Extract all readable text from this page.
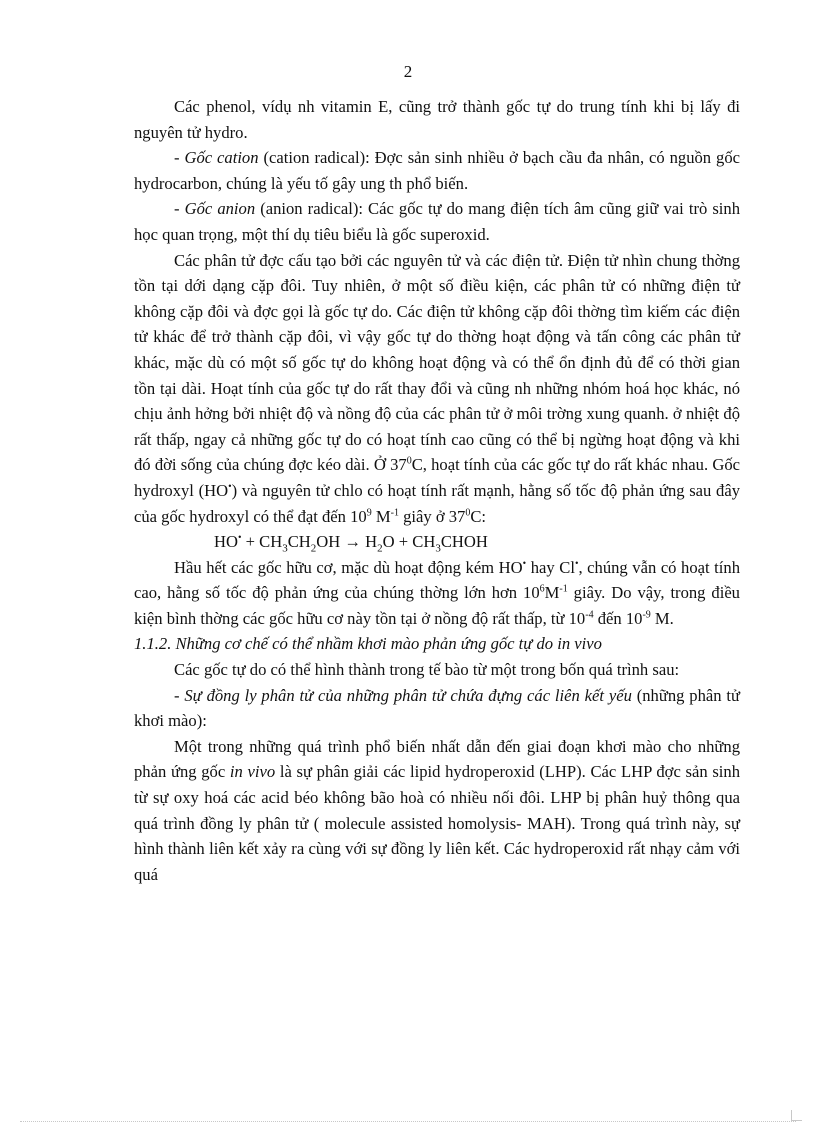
2

Các phenol, vídụ nh vitamin E, cũng trở thành gốc tự do trung tính khi bị lấy đi nguyên tử hydro.

- Gốc cation (cation radical): Đợc sản sinh nhiều ở bạch cầu đa nhân, có nguồn gốc hydrocarbon, chúng là yếu tố gây ung th phổ biến.

- Gốc anion (anion radical): Các gốc tự do mang điện tích âm cũng giữ vai trò sinh học quan trọng, một thí dụ tiêu biểu là gốc superoxid.

Các phân tử đợc cấu tạo bởi các nguyên tử và các điện tử. Điện tử nhìn chung thờng tồn tại dới dạng cặp đôi. Tuy nhiên, ở một số điều kiện, các phân tử có những điện tử không cặp đôi và đợc gọi là gốc tự do. Các điện tử không cặp đôi thờng tìm kiếm các điện tử khác để trở thành cặp đôi, vì vậy gốc tự do thờng hoạt động và tấn công các phân tử khác, mặc dù có một số gốc tự do không hoạt động và có thể ổn định đủ để có thời gian tồn tại dài. Hoạt tính của gốc tự do rất thay đổi và cũng nh những nhóm hoá học khác, nó chịu ảnh hởng bởi nhiệt độ và nồng độ của các phân tử ở môi trờng xung quanh. ở nhiệt độ rất thấp, ngay cả những gốc tự do có hoạt tính cao cũng có thể bị ngừng hoạt động và khi đó đời sống của chúng đợc kéo dài. Ở $37^0C$, hoạt tính của các gốc tự do rất khác nhau. Gốc hydroxyl (HO•) và nguyên tử chlo có hoạt tính rất mạnh, hằng số tốc độ phản ứng sau đây của gốc hydroxyl có thể đạt đến $10^9$ $M^{-1}$ giây ở $37^0C$:

$HO^• + CH_3CH_2OH \to H_2O$ + $CH_3CHOH$

Hầu hết các gốc hữu cơ, mặc dù hoạt động kém HO• hay Cl•, chúng vẫn có hoạt tính cao, hằng số tốc độ phản ứng của chúng thờng lớn hơn $10^6M^{-1}$ giây. Do vậy, trong điều kiện bình thờng các gốc hữu cơ này tồn tại ở nồng độ rất thấp, từ $10^{-4}$ đến $10^{-9}$ M.

1.1.2. Những cơ chế có thể nhầm khơi mào phản ứng gốc tự do in vivo

Các gốc tự do có thể hình thành trong tế bào từ một trong bốn quá trình sau:

- Sự đồng ly phân tử của những phân tử chứa đựng các liên kết yếu (những phân tử khơi mào):

Một trong những quá trình phổ biến nhất dẫn đến giai đoạn khơi mào cho những phản ứng gốc in vivo là sự phân giải các lipid hydroperoxid (LHP). Các LHP đợc sản sinh từ sự oxy hoá các acid béo không bão hoà có nhiều nối đôi. LHP bị phân huỷ thông qua quá trình đồng ly phân tử ( molecule assisted homolysis- MAH). Trong quá trình này, sự hình thành liên kết xảy ra cùng với sự đồng ly liên kết. Các hydroperoxid rất nhạy cảm với quá
